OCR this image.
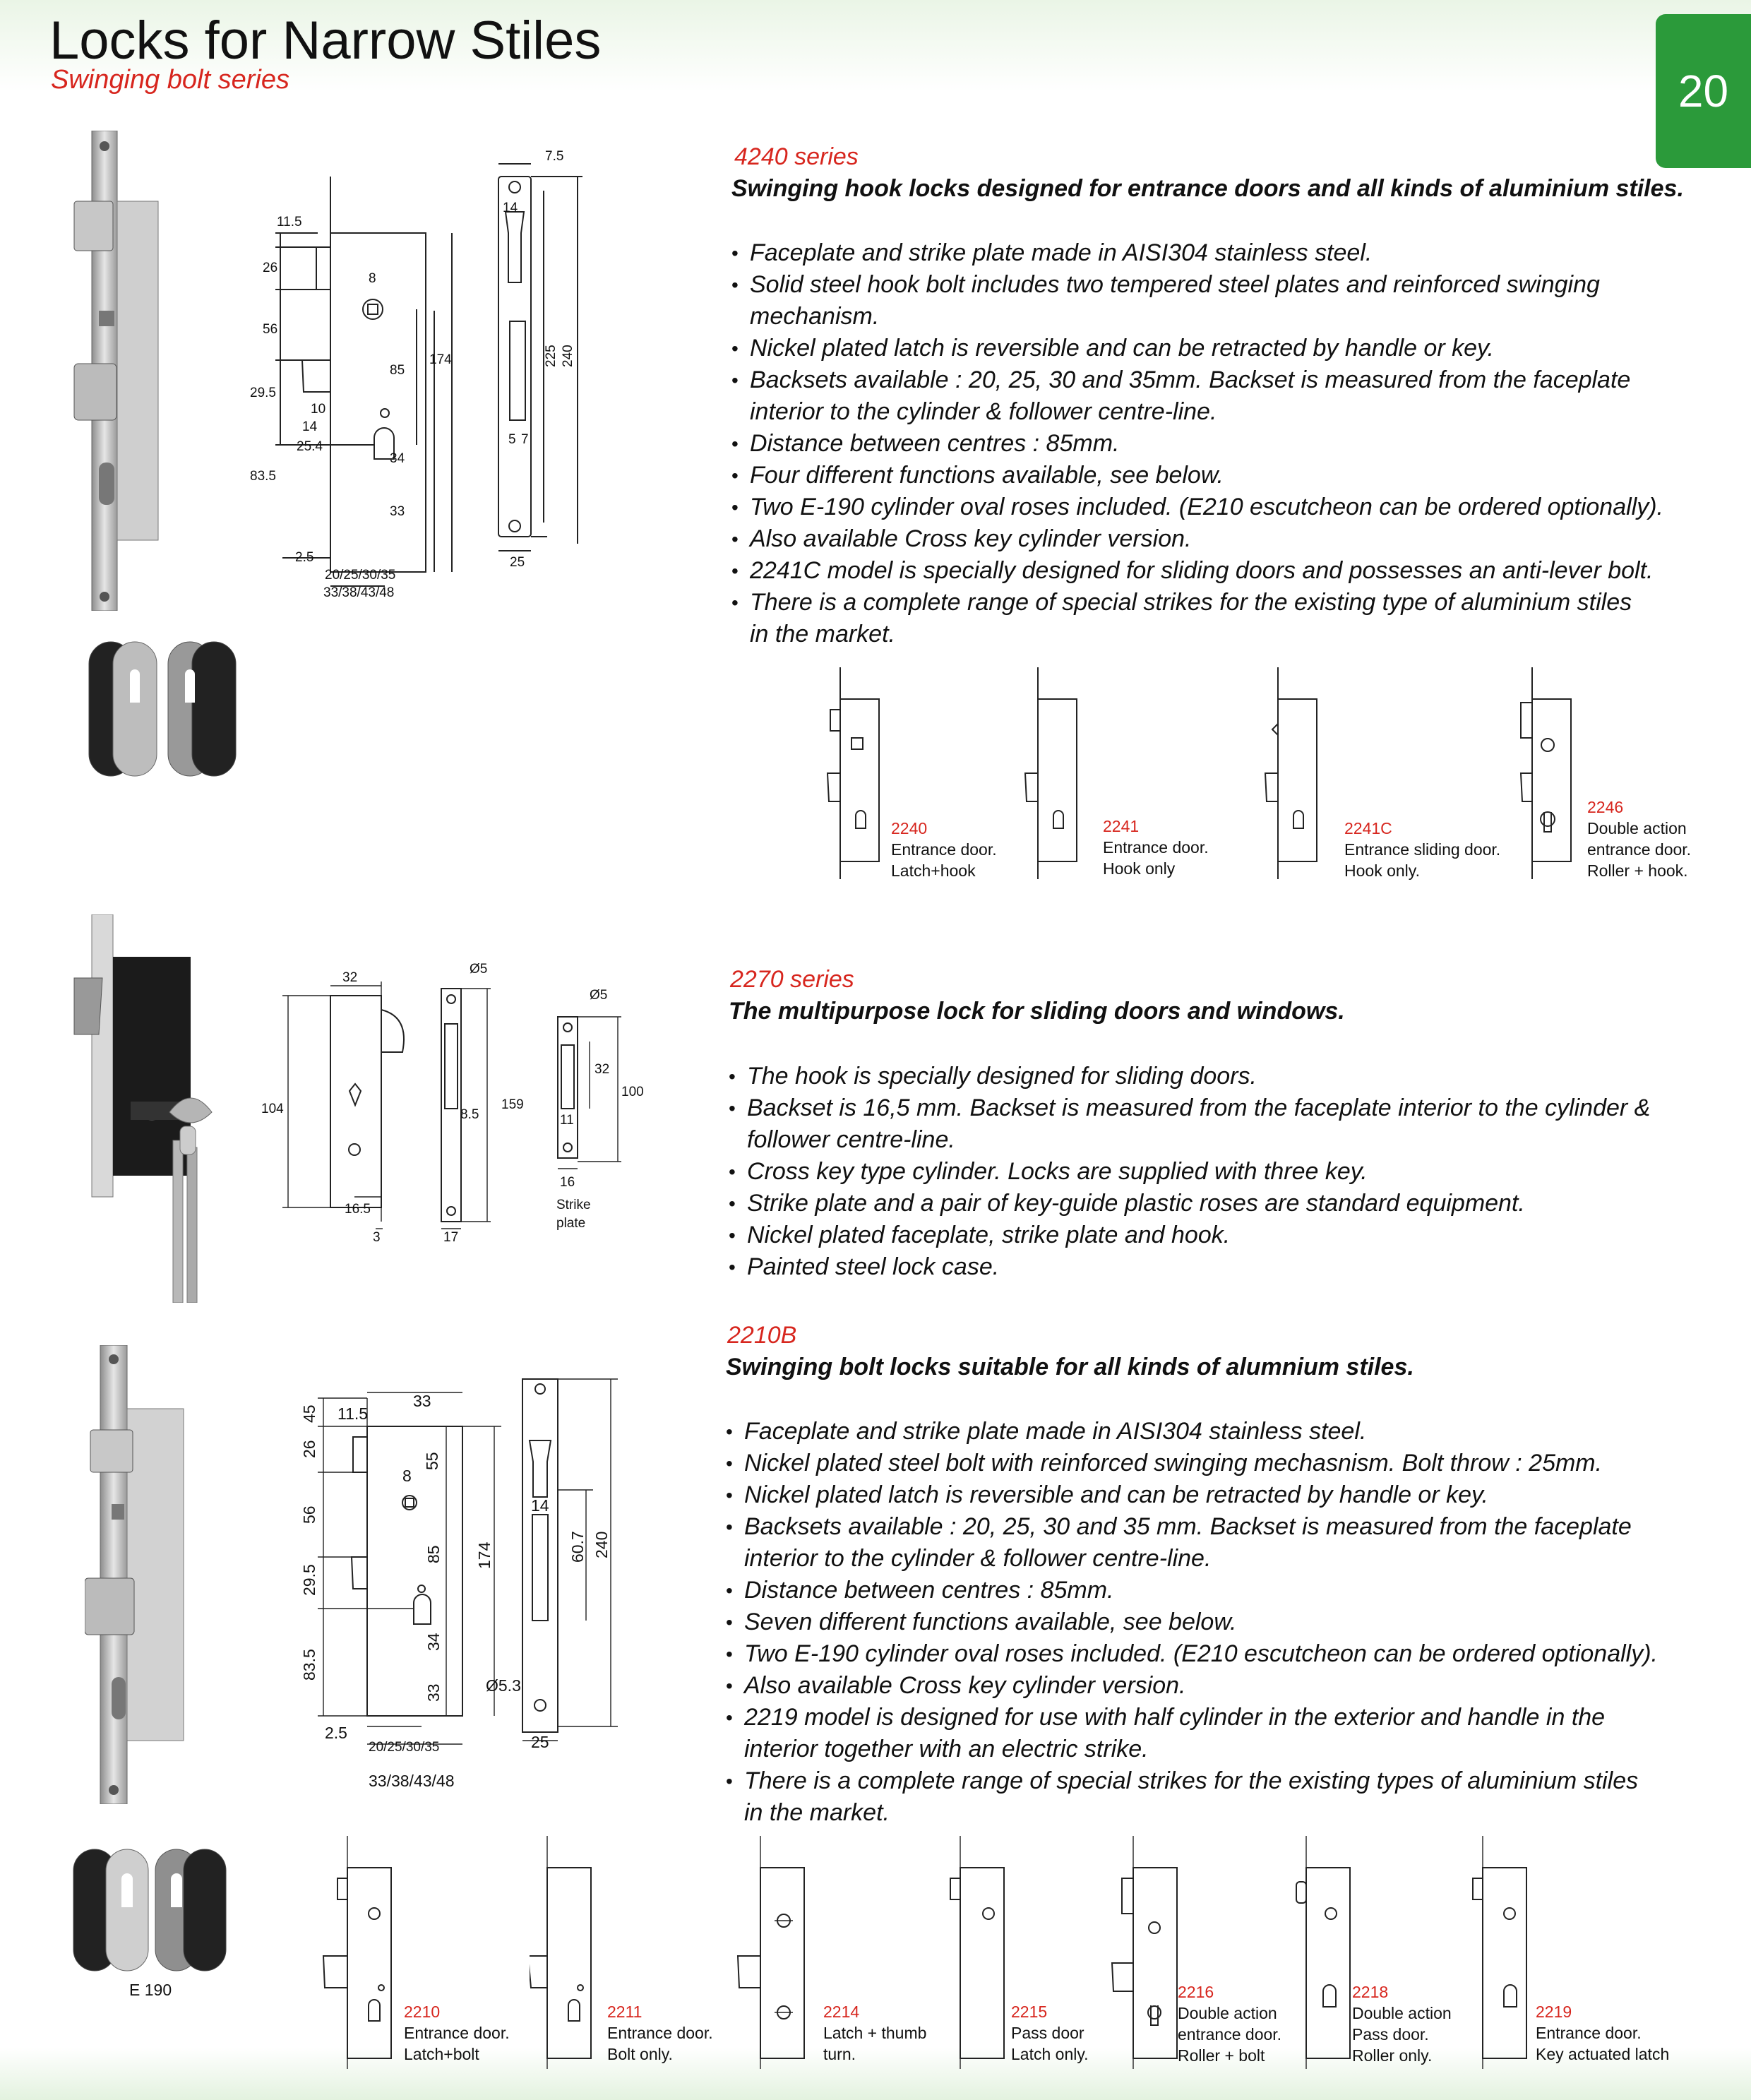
Locks for Narrow Stiles
Swinging bolt series	20
11.5
26
56
29.5
83.5
8
85
174
10
14
25.4
34
33
2.5
20/25/30/35
33/38/43/48
7.5
14
225 240
5 7
25
4240 series
Swinging hook locks designed for entrance doors and all kinds of aluminium stiles.
• Faceplate and strike plate made in AISI304 stainless steel.
• Solid steel hook bolt includes two tempered steel plates and reinforced swinging
mechanism.
• Nickel plated latch is reversible and can be retracted by handle or key.
• Backsets available : 20, 25, 30 and 35mm. Backset is measured from the faceplate
interior to the cylinder & follower centre-line.
• Distance between centres : 85mm.
• Four different functions available, see below.
• Two E-190 cylinder oval roses included. (E210 escutcheon can be ordered optionally).
• Also available Cross key cylinder version.
• 2241C model is specially designed for sliding doors and possesses an anti-lever bolt.
• There is a complete range of special strikes for the existing type of aluminium stiles
in the market.
2240
Entrance door.
Latch+hook
2241
Entrance door.
Hook only
2241C
Entrance sliding door.
Hook only.
2246
Double action
entrance door.
Roller + hook.
32
104
16.5
3
Ø5
8.5
159
17
Ø5
32
100
11
16
Strike
plate
2270 series
The multipurpose lock for sliding doors and windows.
• The hook is specially designed for sliding doors.
• Backset is 16,5 mm. Backset is measured from the faceplate interior to the cylinder &
follower centre-line.
• Cross key type cylinder. Locks are supplied with three key.
• Strike plate and a pair of key-guide plastic roses are standard equipment.
• Nickel plated faceplate, strike plate and hook.
• Painted steel lock case.
E 190
45 11.5
33
26
55
8
56
85 174
29.5
34
83.5
33
2.5
20/25/30/35
33/38/43/48
14
60.7 240
Ø5.3
25
2210B
Swinging bolt locks suitable for all kinds of alumnium stiles.
• Faceplate and strike plate made in AISI304 stainless steel.
• Nickel plated steel bolt with reinforced swinging mechasnism. Bolt throw : 25mm.
• Nickel plated latch is reversible and can be retracted by handle or key.
• Backsets available : 20, 25, 30 and 35 mm. Backset is measured from the faceplate
interior to the cylinder & follower centre-line.
• Distance between centres : 85mm.
• Seven different functions available, see below.
• Two E-190 cylinder oval roses included. (E210 escutcheon can be ordered optionally).
• Also available Cross key cylinder version.
• 2219 model is designed for use with half cylinder in the exterior and handle in the
interior together with an electric strike.
• There is a complete range of special strikes for the existing types of aluminium stiles
in the market.
2210
Entrance door.
Latch+bolt
2211
Entrance door.
Bolt only.
2214
Latch + thumb
turn.
2215
Pass door
Latch only.
2216
Double action
entrance door.
Roller + bolt
2218
Double action
Pass door.
Roller only.
2219
Entrance door.
Key actuated latch
